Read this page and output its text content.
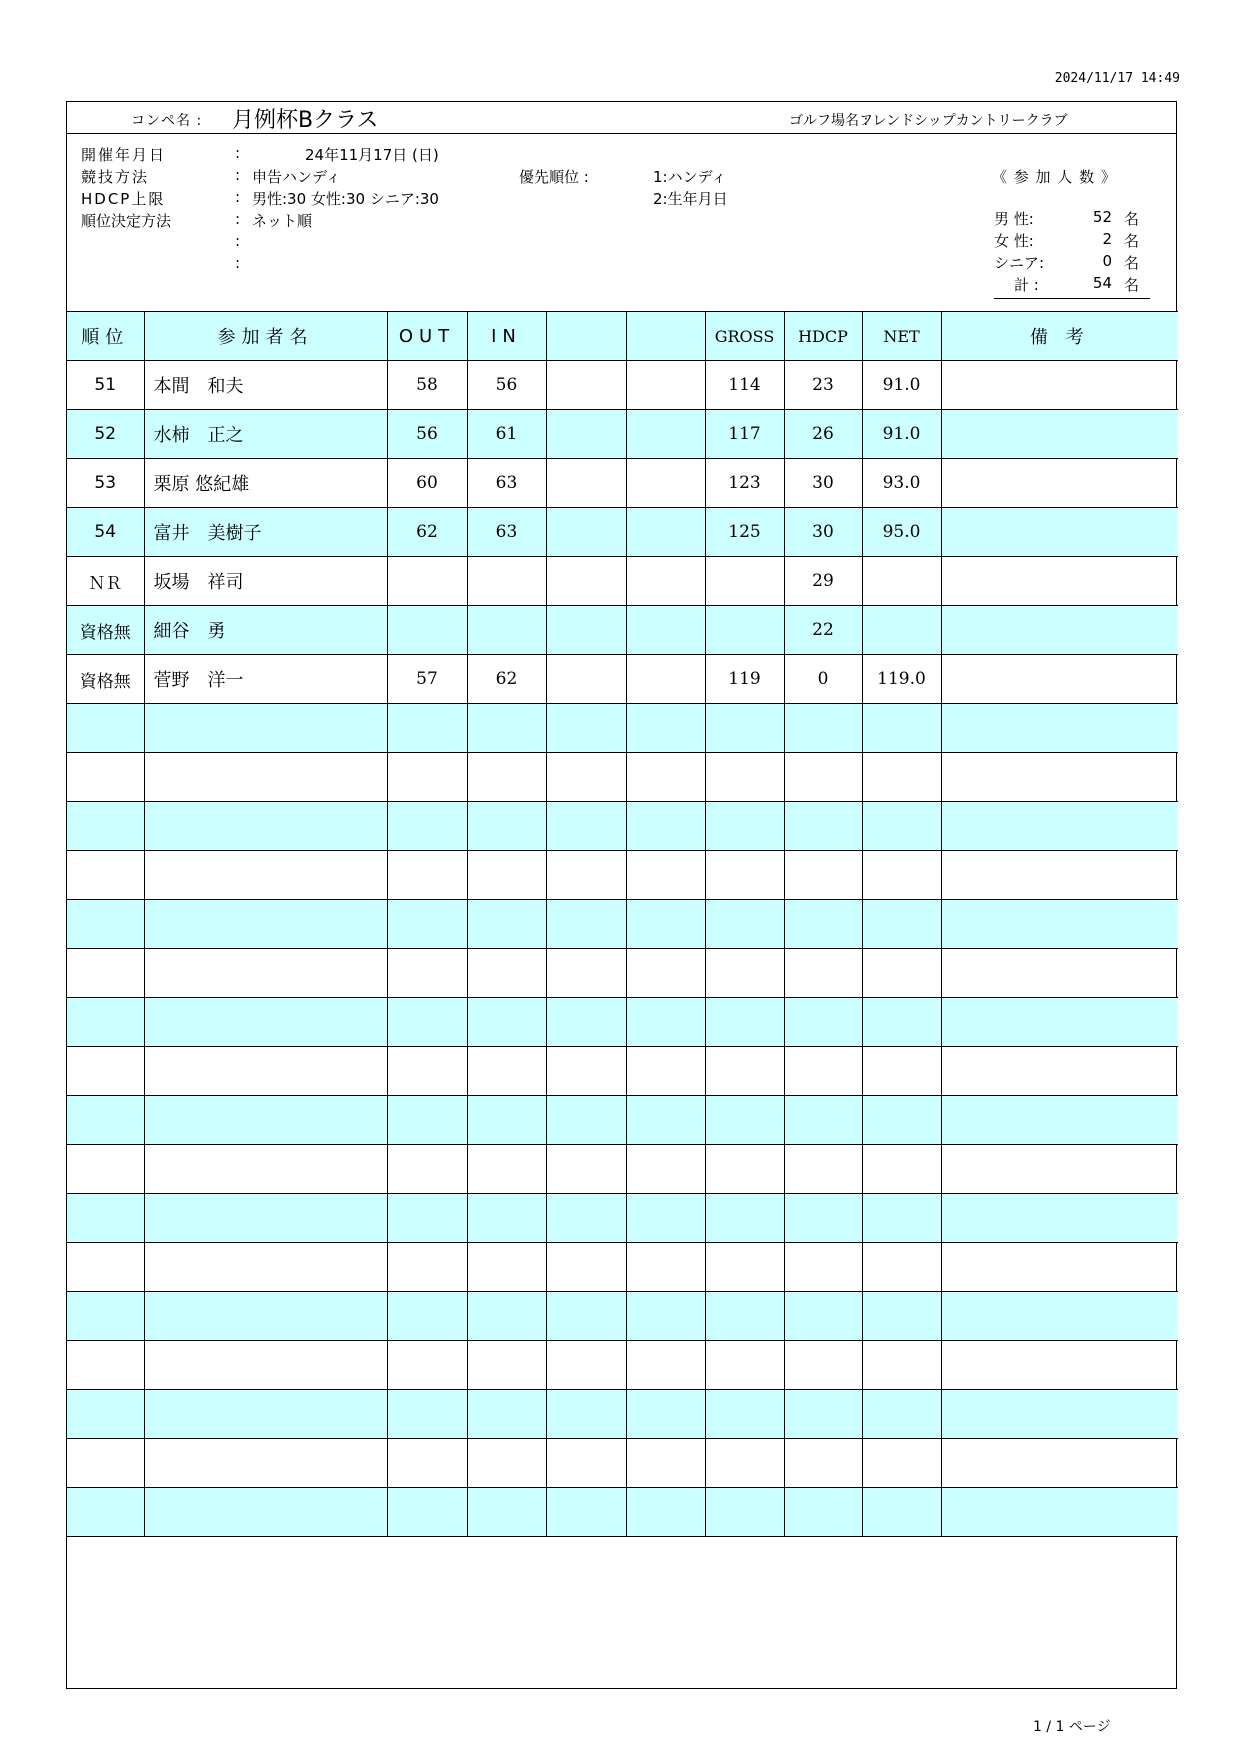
2024/11/17 14:49
コンペ名 : 月例杯Bクラス	ゴルフ場名 :
フレンドシップカントリークラブ
開催年月日	:	24年11月17日 (日)
競技方法	: 申告ハンディ	優先順位 :	1:ハンディ
2:生年月日
HDCP上限	: 男性:30 女性:30 シニア:30
順位決定方法	: ネット順
:
:
《 参 加 人 数 》
男 性:	52 名
女 性:	2 名
シニア:	0 名
計 :	54 名
順位	参加者名	OUT	IN			GROSS	HDCP	NET	備 考
51	本間　和夫	58	56			114	23	91.0	
52	水柿　正之	56	61			117	26	91.0	
53	栗原 悠紀雄	60	63			123	30	93.0	
54	富井　美樹子	62	63			125	30	95.0	
ＮＲ	坂場　祥司						29		
資格無	細谷　勇						22		
資格無	菅野　洋一	57	62			119	0	119.0	

1 / 1 ページ
